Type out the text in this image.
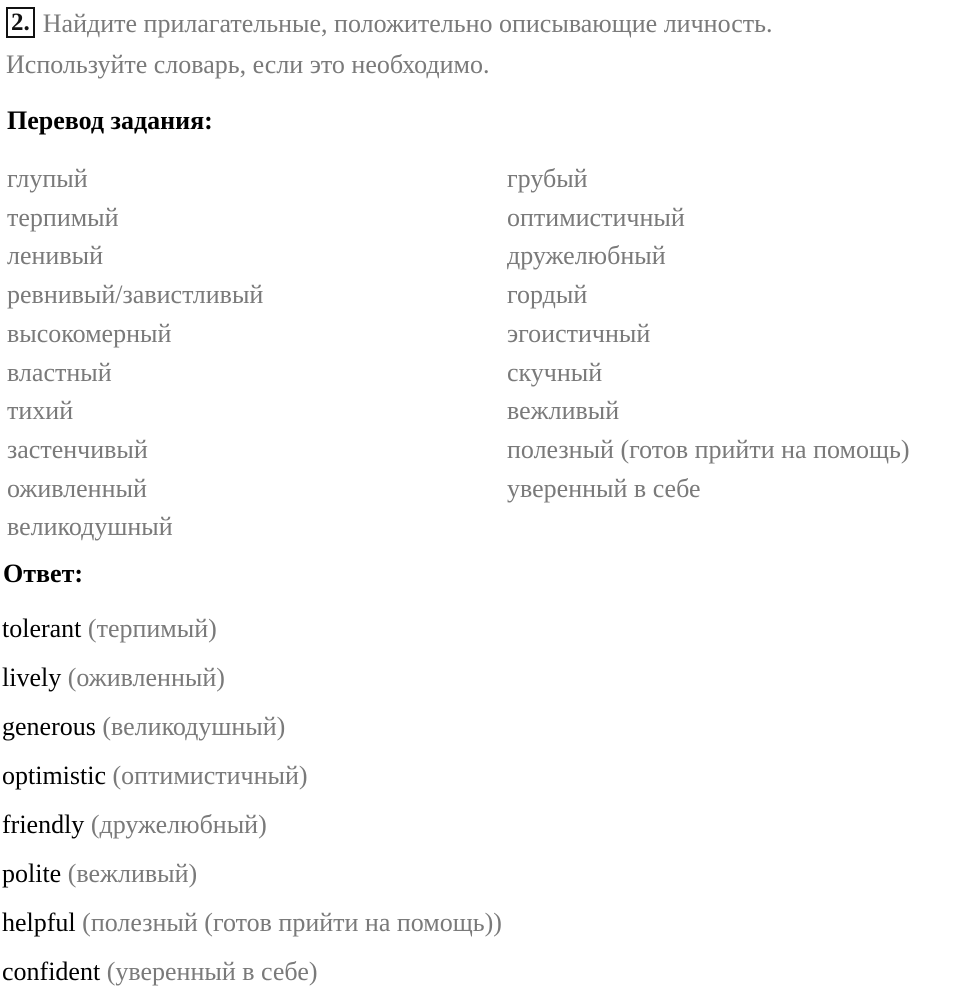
2. Найдите прилагательные, положительно описывающие личность.
Используйте словарь, если это необходимо.
Перевод задания:
глупый
терпимый
ленивый
ревнивый/завистливый
высокомерный
властный
тихий
застенчивый
оживленный
великодушный
грубый
оптимистичный
дружелюбный
гордый
эгоистичный
скучный
вежливый
полезный (готов прийти на помощь)
уверенный в себе
Ответ:
tolerant (терпимый)
lively (оживленный)
generous (великодушный)
optimistic (оптимистичный)
friendly (дружелюбный)
polite (вежливый)
helpful (полезный (готов прийти на помощь))
confident (уверенный в себе)
